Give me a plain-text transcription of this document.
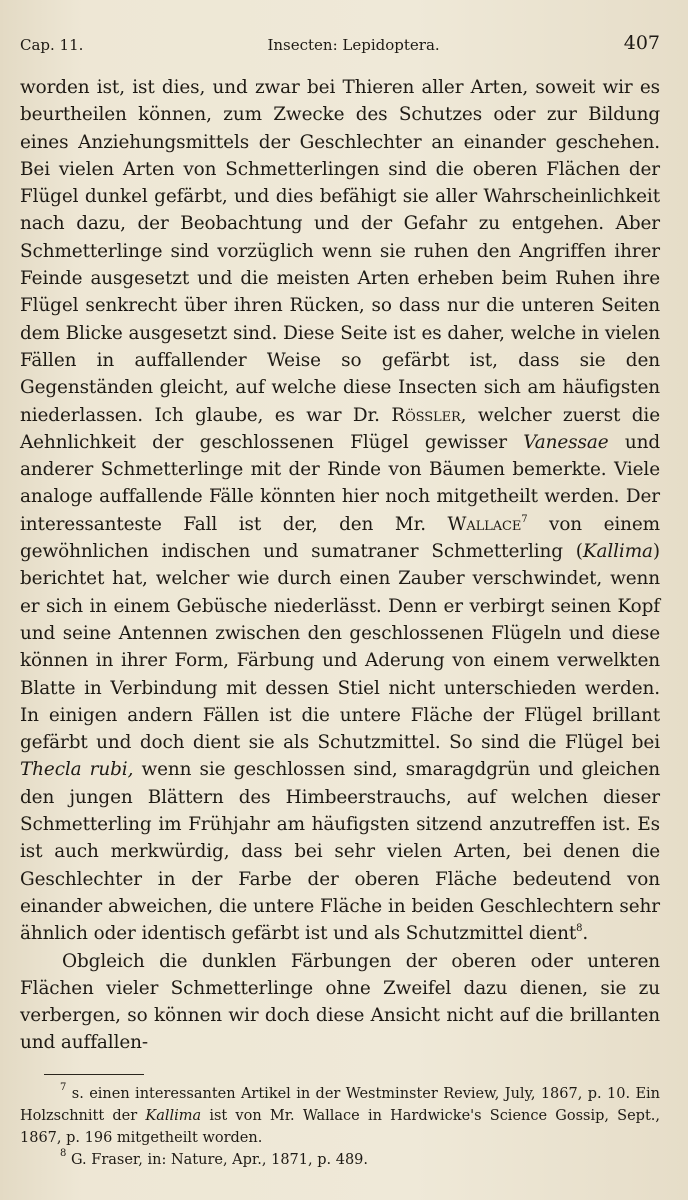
Cap. 11.	Insecten: Lepidoptera.	407

worden ist, ist dies, und zwar bei Thieren aller Arten, soweit wir es beurtheilen können, zum Zwecke des Schutzes oder zur Bildung eines Anziehungsmittels der Geschlechter an einander geschehen. Bei vielen Arten von Schmetterlingen sind die oberen Flächen der Flügel dunkel gefärbt, und dies befähigt sie aller Wahrscheinlichkeit nach dazu, der Beobachtung und der Gefahr zu entgehen. Aber Schmetterlinge sind vorzüglich wenn sie ruhen den Angriffen ihrer Feinde ausgesetzt und die meisten Arten erheben beim Ruhen ihre Flügel senkrecht über ihren Rücken, so dass nur die unteren Seiten dem Blicke ausgesetzt sind. Diese Seite ist es daher, welche in vielen Fällen in auffallender Weise so gefärbt ist, dass sie den Gegenständen gleicht, auf welche diese Insecten sich am häufigsten niederlassen. Ich glaube, es war Dr. Rössler, welcher zuerst die Aehnlichkeit der geschlossenen Flügel gewisser Vanessae und anderer Schmetterlinge mit der Rinde von Bäumen bemerkte. Viele analoge auffallende Fälle könnten hier noch mitgetheilt werden. Der interessanteste Fall ist der, den Mr. Wallace$^7$ von einem gewöhnlichen indischen und sumatraner Schmetterling (Kallima) berichtet hat, welcher wie durch einen Zauber verschwindet, wenn er sich in einem Gebüsche niederlässt. Denn er verbirgt seinen Kopf und seine Antennen zwischen den geschlossenen Flügeln und diese können in ihrer Form, Färbung und Aderung von einem verwelkten Blatte in Verbindung mit dessen Stiel nicht unterschieden werden. In einigen andern Fällen ist die untere Fläche der Flügel brillant gefärbt und doch dient sie als Schutzmittel. So sind die Flügel bei Thecla rubi, wenn sie geschlossen sind, smaragdgrün und gleichen den jungen Blättern des Himbeerstrauchs, auf welchen dieser Schmetterling im Frühjahr am häufigsten sitzend anzutreffen ist. Es ist auch merkwürdig, dass bei sehr vielen Arten, bei denen die Geschlechter in der Farbe der oberen Fläche bedeutend von einander abweichen, die untere Fläche in beiden Geschlechtern sehr ähnlich oder identisch gefärbt ist und als Schutzmittel dient$^8$.

Obgleich die dunklen Färbungen der oberen oder unteren Flächen vieler Schmetterlinge ohne Zweifel dazu dienen, sie zu verbergen, so können wir doch diese Ansicht nicht auf die brillanten und auffallen-

$^7$ s. einen interessanten Artikel in der Westminster Review, July, 1867, p. 10. Ein Holzschnitt der Kallima ist von Mr. Wallace in Hardwicke's Science Gossip, Sept., 1867, p. 196 mitgetheilt worden.

$^8$ G. Fraser, in: Nature, Apr., 1871, p. 489.
